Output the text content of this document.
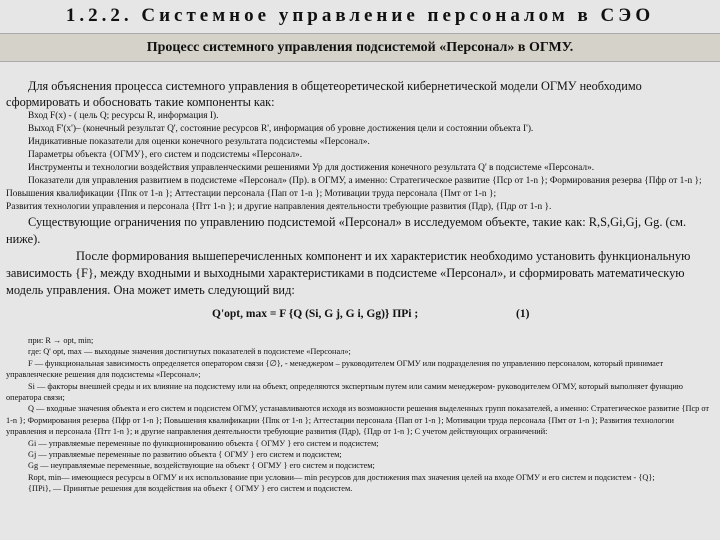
1.2.2. Системное управление персоналом в СЭО
Процесс системного управления подсистемой «Персонал» в ОГМУ.

Для объяснения процесса системного управления в общетеоретической кибернетической модели ОГМУ необходимо сформировать и обосновать такие компоненты как:

Вход F(x) - ( цель Q; ресурсы R, информация I).

Выход F'(x')– (конечный результат Q', состояние ресурсов R', информация об уровне достижения цели и состоянии объекта I').

Индикативные показатели для оценки конечного результата подсистемы «Персонал».

Параметры объекта {ОГМУ}, его систем и подсистемы «Персонал».

Инструменты и технологии воздействия управленческими решениями Ур для достижения конечного результата Q' в подсистеме «Персонал».

Показатели для управления развитием в подсистеме «Персонал» (Пр). в ОГМУ, а именно: Стратегическое развитие {Пср от 1-n }; Формирования резерва {Пфр от 1-n }; Повышения квалификации {Ппк от 1-n }; Аттестации персонала {Пап от 1-n }; Мотивации труда персонала {Пмт от 1-n };

Развития технологии управления и персонала {Птт 1-n }; и другие направления деятельности требующие развития (Пдр), {Пдр от 1-n }.

Существующие ограничения по управлению подсистемой «Персонал» в исследуемом объекте, такие как: R,S,Gi,Gj, Gg. (см. ниже).

После формирования вышеперечисленных компонент и их характеристик необходимо установить функциональную зависимость {F}, между входными и выходными характеристиками в подсистеме «Персонал», и сформировать математическую модель управления. Она может иметь следующий вид:

Q'opt, max = F {Q (Si, G j, G i, Gg)} ПPi ;	(1)

при: R → opt, min;

где: Q' opt, max — выходные значения достигнутых показателей в подсистеме «Персонал»;

F — функциональная зависимость определяется оператором связи {∅}, - менеджером – руководителем ОГМУ или подразделения по управлению персоналом, который принимает управленческие решения для подсистемы «Персонал»;

Si — факторы внешней среды и их влияние на подсистему или на объект, определяются экспертным путем или самим менеджером- руководителем ОГМУ, который выполняет функцию оператора связи;

Q — входные значения объекта и его систем и подсистем ОГМУ, устанавливаются исходя из возможности решения выделенных групп показателей, а именно: Стратегическое развитие {Пср от 1-n }; Формирования резерва {Пфр от 1-n }; Повышения квалификации {Ппк от 1-n }; Аттестации персонала {Пап от 1-n }; Мотивации труда персонала {Пмт от 1-n }; Развития технологии управления и персонала {Птт 1-n }; и другие направления деятельности требующие развития (Пдр), {Пдр от 1-n }; С учетом действующих ограничений:

Gi — управляемые переменные по функционированию объекта { ОГМУ } его систем и подсистем;

Gj — управляемые переменные по развитию объекта { ОГМУ } его систем и подсистем;

Gg — неуправляемые переменные, воздействующие на объект { ОГМУ } его систем и подсистем;

Ropt, min— имеющиеся ресурсы в ОГМУ и их использование при условии— min ресурсов для достижения max значения целей на входе ОГМУ и его систем и подсистем - {Q};

{ПPi}, — Принятые решения для воздействия на объект { ОГМУ } его систем и подсистем.
